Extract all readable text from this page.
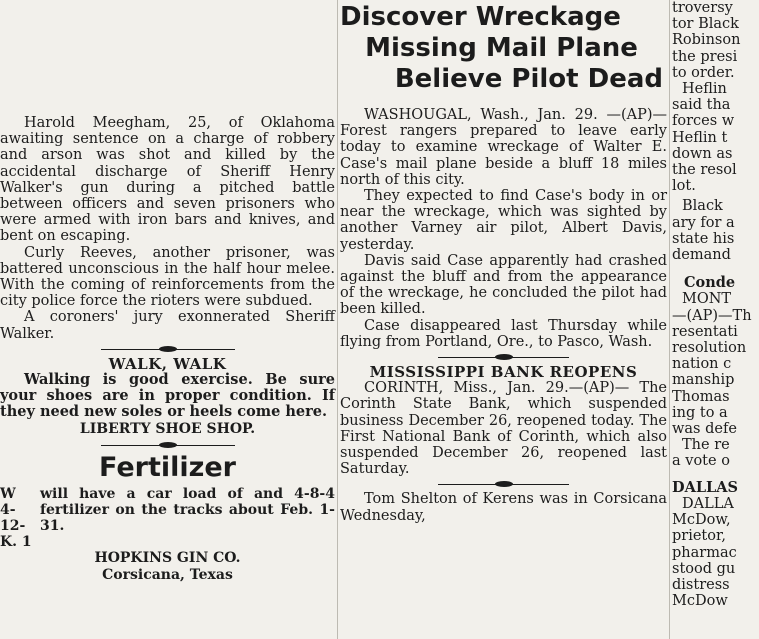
Harold Meegham, 25, of Oklahoma awaiting sentence on a charge of robbery and arson was shot and killed by the accidental discharge of Sheriff Henry Walker's gun during a pitched battle between officers and seven prisoners who were armed with iron bars and knives, and bent on escaping.

Curly Reeves, another prisoner, was battered unconscious in the half hour melee. With the coming of reinforcements from the city police force the rioters were subdued.

A coroners' jury exonnerated Sheriff Walker.

WALK, WALK

Walking is good exercise. Be sure your shoes are in proper condition. If they need new soles or heels come here.

LIBERTY SHOE SHOP.

Fertilizer

W
4-12-
K. 1
will have a car load of and 4-8-4 fertilizer on the tracks about Feb. 1-31.

HOPKINS GIN CO.

Corsicana, Texas

Discover Wreckage

Missing Mail Plane

Believe Pilot Dead

WASHOUGAL, Wash., Jan. 29. —(AP)—Forest rangers prepared to leave early today to examine wreckage of Walter E. Case's mail plane beside a bluff 18 miles north of this city.

They expected to find Case's body in or near the wreckage, which was sighted by another Varney air pilot, Albert Davis, yesterday.

Davis said Case apparently had crashed against the bluff and from the appearance of the wreckage, he concluded the pilot had been killed.

Case disappeared last Thursday while flying from Portland, Ore., to Pasco, Wash.

MISSISSIPPI BANK REOPENS

CORINTH, Miss., Jan. 29.—(AP)— The Corinth State Bank, which suspended business December 26, reopened today. The First National Bank of Corinth, which also suspended December 26, reopened last Saturday.

Tom Shelton of Kerens was in Corsicana Wednesday,

troversy

tor Black

Robinson

the presi

to order.

Heflin

said tha

forces w

Heflin t

down as

the resol

lot.

Black

ary for a

state his

demand

Conde

MONT

—(AP)—Th

resentati

resolution

nation c

manship

Thomas

ing to a

was defe

The re

a vote o

DALLAS

DALLA

McDow,

prietor,

pharmac

stood gu

distress

McDow
